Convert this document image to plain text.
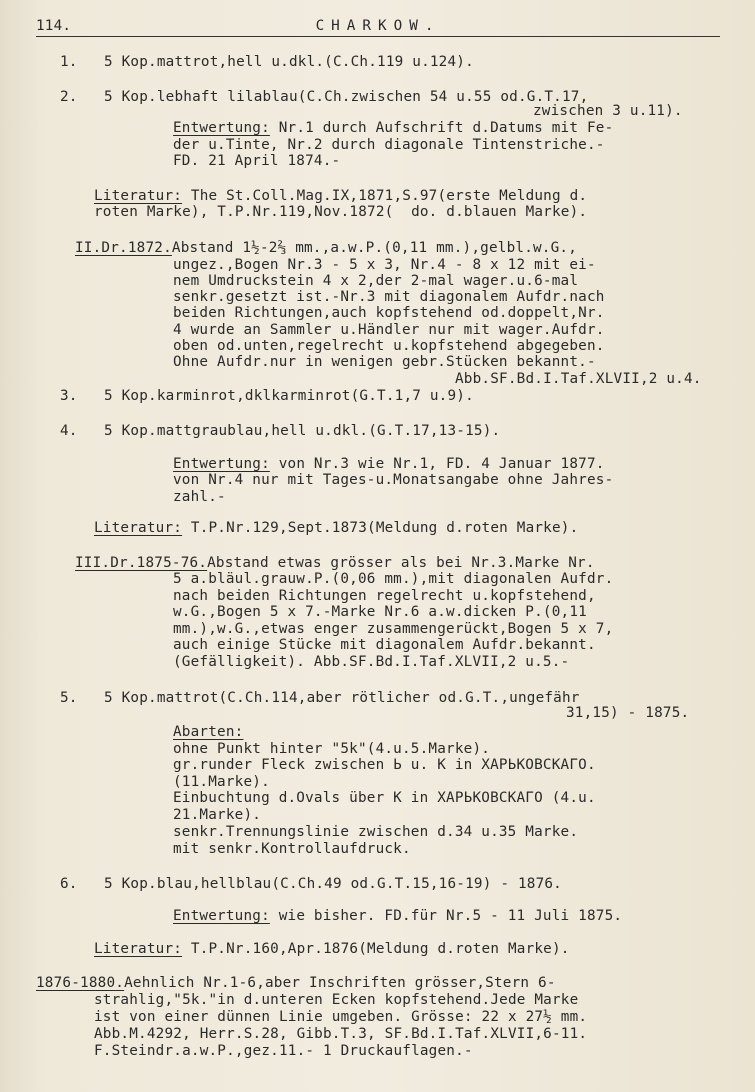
114.	CHARKOW.
1. 5 Kop.mattrot,hell u.dkl.(C.Ch.119 u.124).
2. 5 Kop.lebhaft lilablau(C.Ch.zwischen 54 u.55 od.G.T.17,
zwischen 3 u.11).
Entwertung: Nr.1 durch Aufschrift d.Datums mit Fe-
der u.Tinte, Nr.2 durch diagonale Tintenstriche.-
FD. 21 April 1874.-
Literatur: The St.Coll.Mag.IX,1871,S.97(erste Meldung d.
roten Marke), T.P.Nr.119,Nov.1872(  do. d.blauen Marke).
II.Dr.1872.Abstand 1½-2⅔ mm.,a.w.P.(0,11 mm.),gelbl.w.G.,
ungez.,Bogen Nr.3 - 5 x 3, Nr.4 - 8 x 12 mit ei-
nem Umdruckstein 4 x 2,der 2-mal wager.u.6-mal
senkr.gesetzt ist.-Nr.3 mit diagonalem Aufdr.nach
beiden Richtungen,auch kopfstehend od.doppelt,Nr.
4 wurde an Sammler u.Händler nur mit wager.Aufdr.
oben od.unten,regelrecht u.kopfstehend abgegeben.
Ohne Aufdr.nur in wenigen gebr.Stücken bekannt.-
Abb.SF.Bd.I.Taf.XLVII,2 u.4.
3. 5 Kop.karminrot,dklkarminrot(G.T.1,7 u.9).
4. 5 Kop.mattgraublau,hell u.dkl.(G.T.17,13-15).
Entwertung: von Nr.3 wie Nr.1, FD. 4 Januar 1877.
von Nr.4 nur mit Tages-u.Monatsangabe ohne Jahres-
zahl.-
Literatur: T.P.Nr.129,Sept.1873(Meldung d.roten Marke).
III.Dr.1875-76.Abstand etwas grösser als bei Nr.3.Marke Nr.
5 a.bläul.grauw.P.(0,06 mm.),mit diagonalen Aufdr.
nach beiden Richtungen regelrecht u.kopfstehend,
w.G.,Bogen 5 x 7.-Marke Nr.6 a.w.dicken P.(0,11
mm.),w.G.,etwas enger zusammengerückt,Bogen 5 x 7,
auch einige Stücke mit diagonalem Aufdr.bekannt.
(Gefälligkeit). Abb.SF.Bd.I.Taf.XLVII,2 u.5.-
5. 5 Kop.mattrot(C.Ch.114,aber rötlicher od.G.T.,ungefähr
31,15) - 1875.
Abarten:
ohne Punkt hinter "5k"(4.u.5.Marke).
gr.runder Fleck zwischen Ь u. К in ХАРЬКОВСКАГО.
(11.Marke).
Einbuchtung d.Ovals über К in ХАРЬКОВСКАГО (4.u.
21.Marke).
senkr.Trennungslinie zwischen d.34 u.35 Marke.
mit senkr.Kontrollaufdruck.
6. 5 Kop.blau,hellblau(C.Ch.49 od.G.T.15,16-19) - 1876.
Entwertung: wie bisher. FD.für Nr.5 - 11 Juli 1875.
Literatur: T.P.Nr.160,Apr.1876(Meldung d.roten Marke).
1876-1880.Aehnlich Nr.1-6,aber Inschriften grösser,Stern 6-
strahlig,"5k."in d.unteren Ecken kopfstehend.Jede Marke
ist von einer dünnen Linie umgeben. Grösse: 22 x 27½ mm.
Abb.M.4292, Herr.S.28, Gibb.T.3, SF.Bd.I.Taf.XLVII,6-11.
F.Steindr.a.w.P.,gez.11.- 1 Druckauflagen.-
